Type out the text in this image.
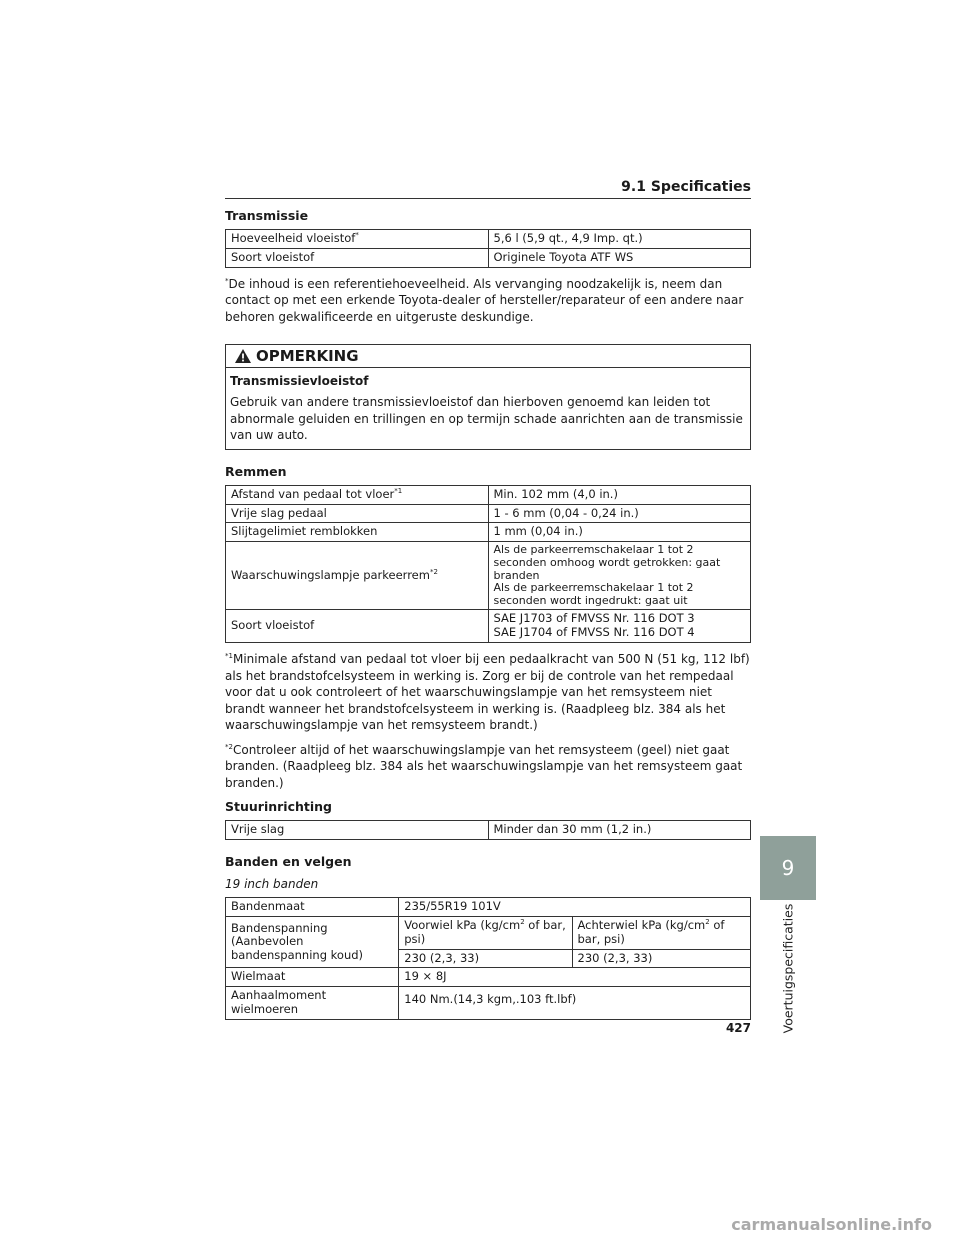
9.1 Specificaties
Transmissie
Hoeveelheid vloeistof*	5,6 l (5,9 qt., 4,9 Imp. qt.)
Soort vloeistof	Originele Toyota ATF WS
*De inhoud is een referentiehoeveelheid. Als vervanging noodzakelijk is, neem dan contact op met een erkende Toyota-dealer of hersteller/reparateur of een andere naar behoren gekwalificeerde en uitgeruste deskundige.
OPMERKING
Transmissievloeistof
Gebruik van andere transmissievloeistof dan hierboven genoemd kan leiden tot abnormale geluiden en trillingen en op termijn schade aanrichten aan de transmissie van uw auto.
Remmen
Afstand van pedaal tot vloer$^{*1}$	Min. 102 mm (4,0 in.)
Vrije slag pedaal	1 - 6 mm (0,04 - 0,24 in.)
Slijtagelimiet remblokken	1 mm (0,04 in.)
Waarschuwingslampje parkeerrem$^{*2}$	Als de parkeerremschakelaar 1 tot 2 seconden omhoog wordt getrokken: gaat branden
Als de parkeerremschakelaar 1 tot 2 seconden wordt ingedrukt: gaat uit

Soort vloeistof	SAE J1703 of FMVSS Nr. 116 DOT 3
SAE J1704 of FMVSS Nr. 116 DOT 4
$^{*1}$Minimale afstand van pedaal tot vloer bij een pedaalkracht van 500 N (51 kg, 112 lbf) als het brandstofcelsysteem in werking is. Zorg er bij de controle van het rempedaal voor dat u ook controleert of het waarschuwingslampje van het remsysteem niet brandt wanneer het brandstofcelsysteem in werking is. (Raadpleeg blz. 384 als het waarschuwingslampje van het remsysteem brandt.)
$^{*2}$Controleer altijd of het waarschuwingslampje van het remsysteem (geel) niet gaat branden. (Raadpleeg blz. 384 als het waarschuwingslampje van het remsysteem gaat branden.)
Stuurinrichting
Vrije slag	Minder dan 30 mm (1,2 in.)
Banden en velgen
19 inch banden
Bandenmaat	235/55R19 101V	
Bandenspanning (Aanbevolen bandenspanning koud)	Voorwiel kPa ($kg/cm^2$ of bar, psi)	Achterwiel kPa ($kg/cm^2$ of bar, psi)
	230 (2,3, 33)	230 (2,3, 33)
Wielmaat	19 × 8J	
Aanhaalmoment wielmoeren	140 Nm.(14,3 kgm,.103 ft.lbf)	
9
Voertuigspecificaties
427
carmanualsonline.info
